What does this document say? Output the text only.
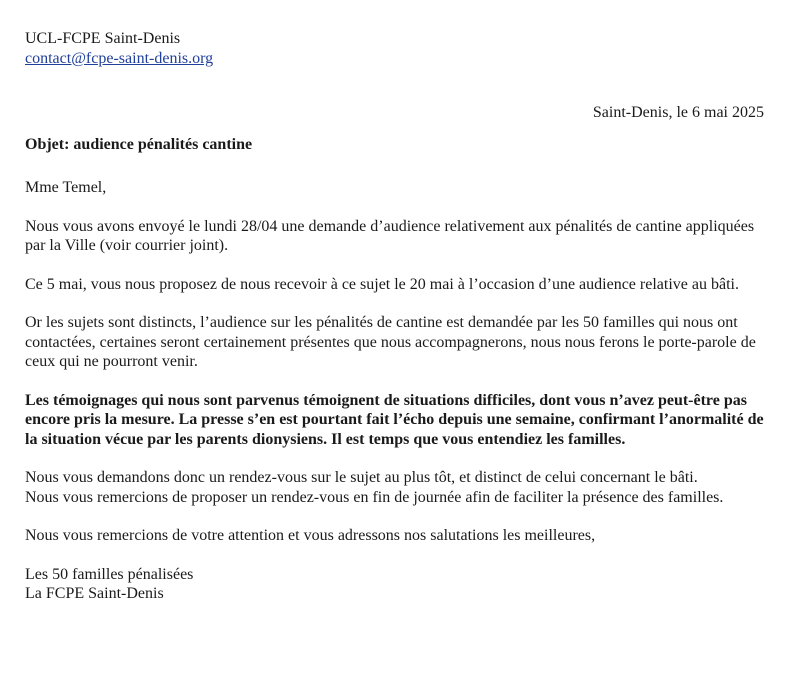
UCL-FCPE Saint-Denis

contact@fcpe-saint-denis.org

Saint-Denis, le 6 mai 2025

Objet: audience pénalités cantine

Mme Temel,

Nous vous avons envoyé le lundi 28/04 une demande d’audience relativement aux pénalités de cantine appliquées par la Ville (voir courrier joint).

Ce 5 mai, vous nous proposez de nous recevoir à ce sujet le 20 mai à l’occasion d’une audience relative au bâti.

Or les sujets sont distincts, l’audience sur les pénalités de cantine est demandée par les 50 familles qui nous ont contactées, certaines seront certainement présentes que nous accompagnerons, nous nous ferons le porte-parole de ceux qui ne pourront venir.

Les témoignages qui nous sont parvenus témoignent de situations difficiles, dont vous n’avez peut-être pas encore pris la mesure. La presse s’en est pourtant fait l’écho depuis une semaine, confirmant l’anormalité de la situation vécue par les parents dionysiens. Il est temps que vous entendiez les familles.

Nous vous demandons donc un rendez-vous sur le sujet au plus tôt, et distinct de celui concernant le bâti.
Nous vous remercions de proposer un rendez-vous en fin de journée afin de faciliter la présence des familles.

Nous vous remercions de votre attention et vous adressons nos salutations les meilleures,

Les 50 familles pénalisées
La FCPE Saint-Denis
